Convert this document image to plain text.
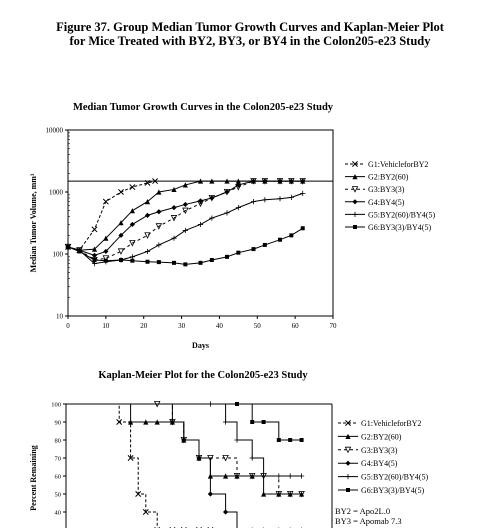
Figure 37. Group Median Tumor Growth Curves and Kaplan-Meier Plot
for Mice Treated with BY2, BY3, or BY4 in the Colon205-e23 Study
Median Tumor Growth Curves in the Colon205-e23 Study
Kaplan-Meier Plot for the Colon205-e23 Study
0	10	20	30	40	50	60	70
10
100
1000
10000
Days
Median Tumor Volume, mm³
G1:VehicleforBY2
G2:BY2(60)
G3:BY3(3)
G4:BY4(5)
G5:BY2(60)/BY4(5)
G6:BY3(3)/BY4(5)
100
90
80
70
60
50
40
Percent Remaining
G1:VehicleforBY2
G2:BY2(60)
G3:BY3(3)
G4:BY4(5)
G5:BY2(60)/BY4(5)
G6:BY3(3)/BY4(5)
BY2 = Apo2L.0
BY3 = Apomab 7.3
